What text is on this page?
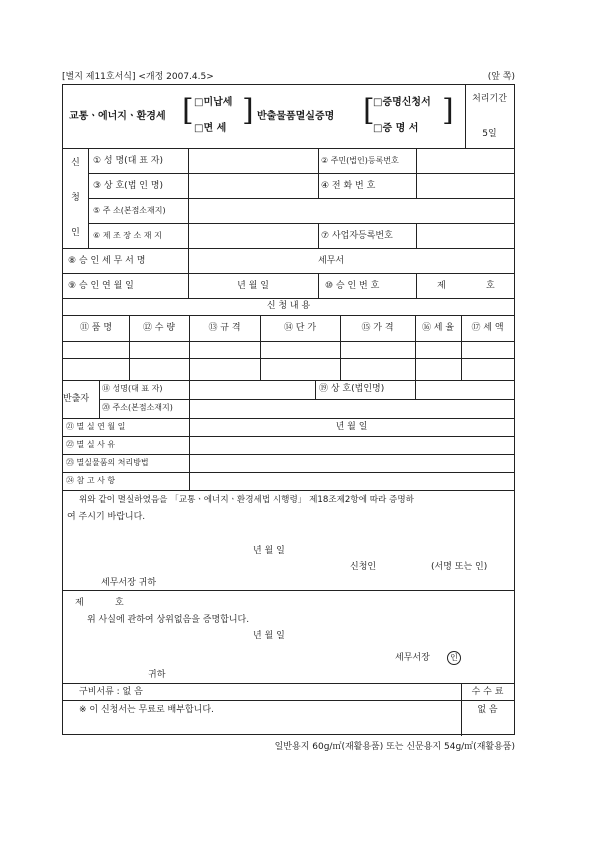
[별지 제11호서식] <개정 2007.4.5>	(앞 쪽)
교통ㆍ에너지ㆍ환경세 [ □미납세
□면 세
] 반출물품멸실증명 [
□증명신청서
□증 명 서
]	처리기간
5일
신
청
인
① 성 명(대 표 자)	② 주민(법인)등록번호
③ 상 호(법 인 명)	④ 전 화 번 호
⑤ 주 소(본점소재지)
⑥ 제 조 장 소 재 지	⑦ 사업자등록번호
⑧ 승 인 세 무 서 명	세무서
⑨ 승 인 연 월 일	년 월 일	⑩ 승 인 번 호	제	호
신 청 내 용
⑪ 품 명	⑫ 수 량	⑬ 규 격	⑭ 단 가	⑮ 가 격	⑯ 세 율	⑰ 세 액
반출자
⑱ 성명(대 표 자)	⑲ 상 호(법인명)
⑳ 주소(본점소재지)
㉑ 멸 실 연 월 일	년 월 일
㉒ 멸 실 사 유
㉓ 멸실물품의 처리방법
㉔ 참 고 사 항
위와 같이 멸실하였음을 「교통ㆍ에너지ㆍ환경세법 시행령」 제18조제2항에 따라 증명하
여 주시기 바랍니다.
년 월 일
신청인	(서명 또는 인)
세무서장 귀하
제	호
위 사실에 관하여 상위없음을 증명합니다.
년 월 일
세무서장	인
귀하
구비서류 : 없 음	수 수 료
※ 이 신청서는 무료로 배부합니다.	없 음
일반용지 60g/㎡(재활용품) 또는 신문용지 54g/㎡(재활용품)
